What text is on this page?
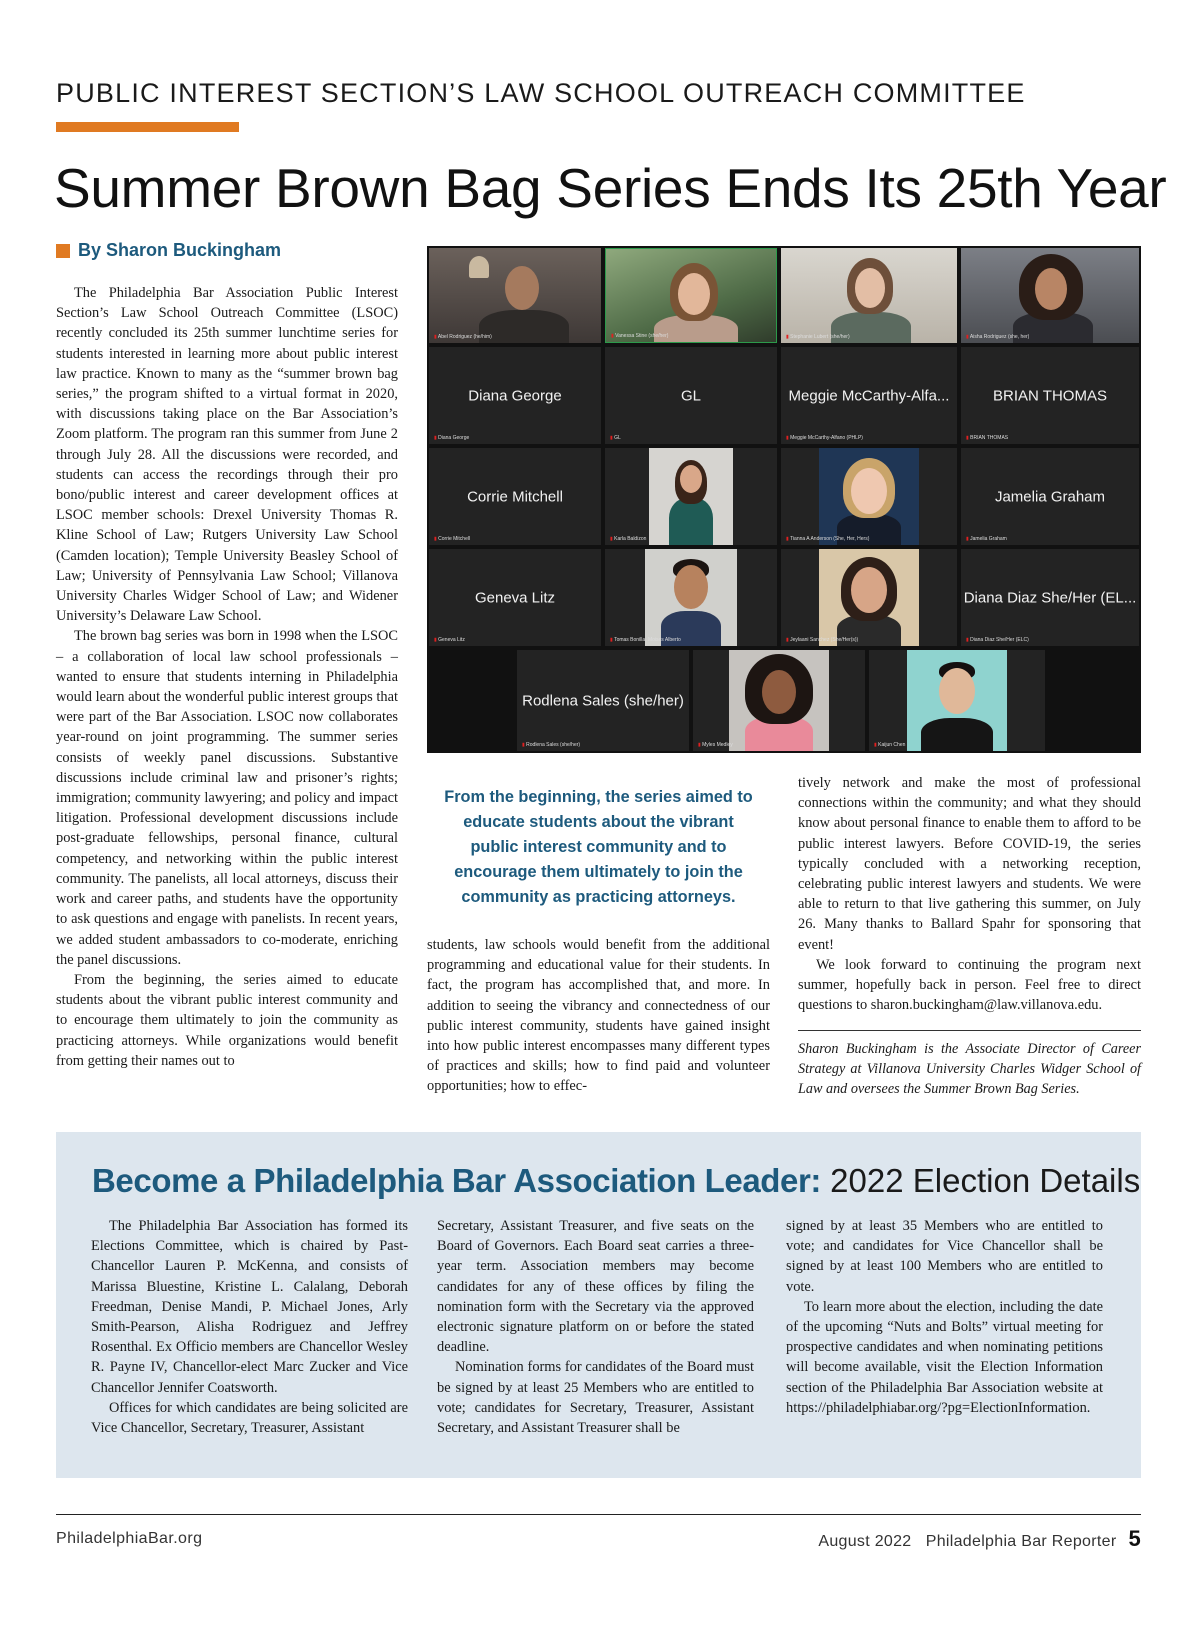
PUBLIC INTEREST SECTION’S LAW SCHOOL OUTREACH COMMITTEE
Summer Brown Bag Series Ends Its 25th Year
By Sharon Buckingham

The Philadelphia Bar Association Public Interest Section’s Law School Outreach Committee (LSOC) recently concluded its 25th summer lunchtime series for students interested in learning more about public interest law practice. Known to many as the “summer brown bag series,” the program shifted to a virtual format in 2020, with discussions taking place on the Bar Association’s Zoom platform. The program ran this summer from June 2 through July 28. All the discussions were recorded, and students can access the recordings through their pro bono/public interest and career development offices at LSOC member schools: Drexel University Thomas R. Kline School of Law; Rutgers University Law School (Camden location); Temple University Beasley School of Law; University of Pennsylvania Law School; Villanova University Charles Widger School of Law; and Widener University’s Delaware Law School.

The brown bag series was born in 1998 when the LSOC – a collaboration of local law school professionals – wanted to ensure that students interning in Philadelphia would learn about the wonderful public interest groups that were part of the Bar Association. LSOC now collaborates year-round on joint programming. The summer series consists of weekly panel discussions. Substantive discussions include criminal law and prisoner’s rights; immigration; community lawyering; and policy and impact litigation. Professional development discussions include post-graduate fellowships, personal finance, cultural competency, and networking within the public interest community. The panelists, all local attorneys, discuss their work and career paths, and students have the opportunity to ask questions and engage with panelists. In recent years, we added student ambassadors to co-moderate, enriching the panel discussions.

From the beginning, the series aimed to educate students about the vibrant public interest community and to encourage them ultimately to join the community as practicing attorneys. While organizations would benefit from getting their names out to

▮ Abel Rodriguez (he/him)	▮ Vanessa Stine (she/her)	▮ Stephanie Lubert (she/her)	▮ Aisha Rodriguez (she, her)
Diana George
▮ Diana George
GL
▮ GL
Meggie McCarthy-Alfa...
▮ Meggie McCarthy-Alfano (PHLP)
BRIAN THOMAS
▮ BRIAN THOMAS
Corrie Mitchell
▮ Corrie Mitchell	▮ Karla Baldizon	▮ Tianna A Anderson (She, Her, Hers)
Jamelia Graham
▮ Jamelia Graham
Geneva Litz
▮ Geneva Litz	▮ Tomas Bonilla, Moises Alberto	▮ Jeylaani Sanchez (She/Her(s))
Diana Diaz She/Her (EL...
▮ Diana Diaz She/Her (ELC)
Rodlena Sales (she/her)
▮ Rodlena Sales (she/her)	▮ Myles Medley	▮ Kaijun Chen
From the beginning, the series aimed to educate students about the vibrant public interest community and to encourage them ultimately to join the community as practicing attorneys.

students, law schools would benefit from the additional programming and educational value for their students. In fact, the program has accomplished that, and more. In addition to seeing the vibrancy and connectedness of our public interest community, students have gained insight into how public interest encompasses many different types of practices and skills; how to find paid and volunteer opportunities; how to effec-

tively network and make the most of professional connections within the community; and what they should know about personal finance to enable them to afford to be public interest lawyers. Before COVID-19, the series typically concluded with a networking reception, celebrating public interest lawyers and students. We were able to return to that live gathering this summer, on July 26. Many thanks to Ballard Spahr for sponsoring that event!

We look forward to continuing the program next summer, hopefully back in person. Feel free to direct questions to sharon.buckingham@law.villanova.edu.

Sharon Buckingham is the Associate Director of Career Strategy at Villanova University Charles Widger School of Law and oversees the Summer Brown Bag Series.
Become a Philadelphia Bar Association Leader: 2022 Election Details

The Philadelphia Bar Association has formed its Elections Committee, which is chaired by Past-Chancellor Lauren P. McKenna, and consists of Marissa Bluestine, Kristine L. Calalang, Deborah Freedman, Denise Mandi, P. Michael Jones, Arly Smith-Pearson, Alisha Rodriguez and Jeffrey Rosenthal. Ex Officio members are Chancellor Wesley R. Payne IV, Chancellor-elect Marc Zucker and Vice Chancellor Jennifer Coatsworth.

Offices for which candidates are being solicited are Vice Chancellor, Secretary, Treasurer, Assistant

Secretary, Assistant Treasurer, and five seats on the Board of Governors. Each Board seat carries a three-year term. Association members may become candidates for any of these offices by filing the nomination form with the Secretary via the approved electronic signature platform on or before the stated deadline.

Nomination forms for candidates of the Board must be signed by at least 25 Members who are entitled to vote; candidates for Secretary, Treasurer, Assistant Secretary, and Assistant Treasurer shall be

signed by at least 35 Members who are entitled to vote; and candidates for Vice Chancellor shall be signed by at least 100 Members who are entitled to vote.

To learn more about the election, including the date of the upcoming “Nuts and Bolts” virtual meeting for prospective candidates and when nominating petitions will become available, visit the Election Information section of the Philadelphia Bar Association website at https://philadelphiabar.org/?pg=ElectionInformation.

PhiladelphiaBar.org	August 2022   Philadelphia Bar Reporter 5
